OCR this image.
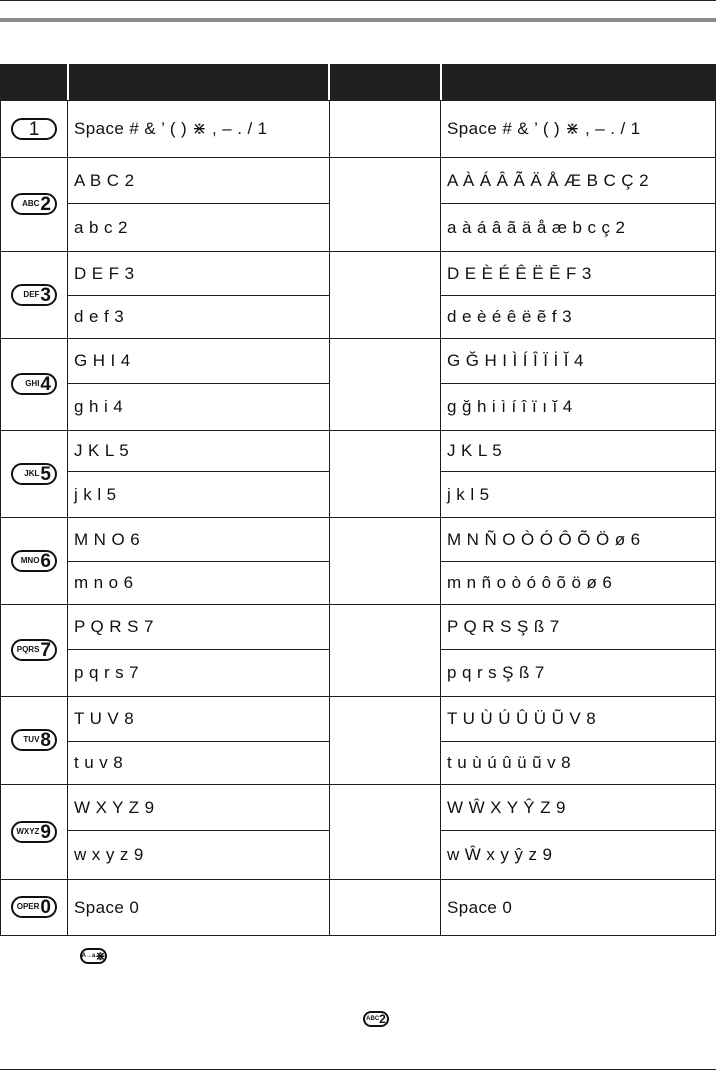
1	Space # & ’ ( ) ⋇ , – . / 1	Space # & ’ ( ) ⋇ , – . / 1
ABC 2
A B C 2	A À Á Â Ã Ä Å Æ B C Ç 2
a b c 2	a à á â ã ä å æ b c ç 2
DEF 3
D E F 3	D E È É Ê Ë Ē F 3
d e f 3	d e è é ê ë ẽ f 3
GHI 4
G H I 4	G Ğ H I Ì Í Î Ï İ Ĭ 4
g h i 4	g ğ h i ì í î ï ı ĭ 4
JKL 5
J K L 5	J K L 5
j k l 5	j k l 5
MNO 6
M N O 6	M N Ñ O Ò Ó Ô Õ Ö ø 6
m n o 6	m n ñ o ò ó ô õ ö ø 6
PQRS 7
P Q R S 7	P Q R S Ş ß 7
p q r s 7	p q r s Ş ß 7
TUV 8
T U V 8	T U Ù Ú Û Ü Ũ V 8
t u v 8	t u ù ú û ü ũ v 8
WXYZ 9
W X Y Z 9	W Ŵ X Y Ŷ Z 9
w x y z 9	w Ŵ x y ŷ z 9
OPER 0	Space 0	Space 0
A→a ⋇
ABC 2
